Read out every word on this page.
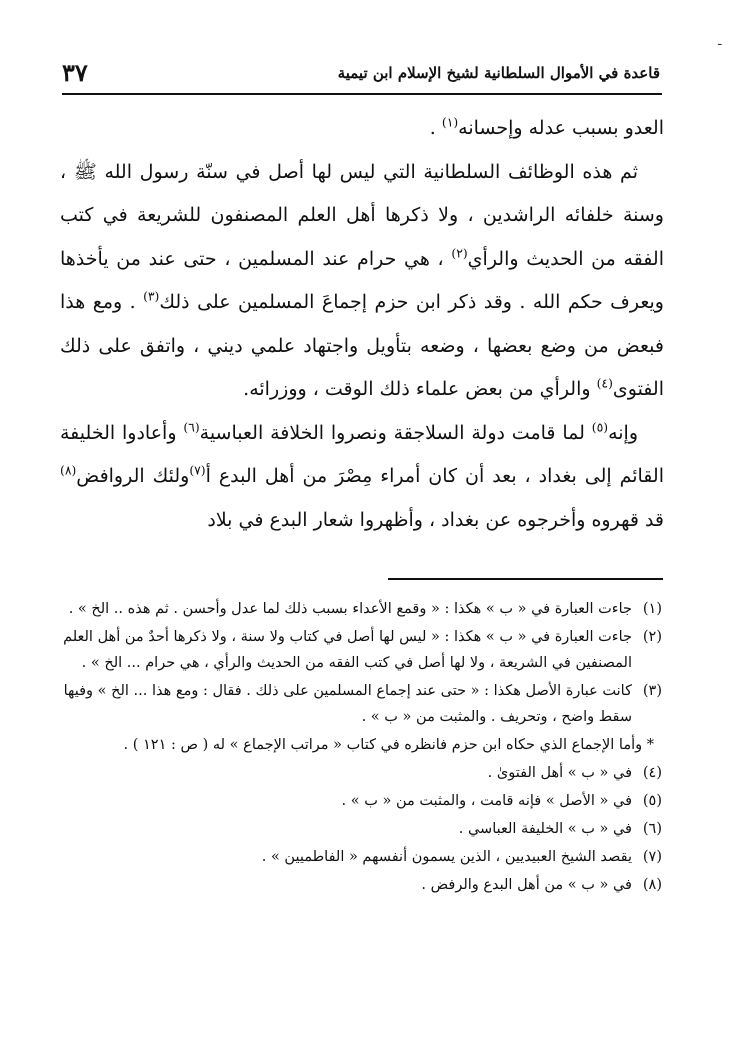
ـ
قاعدة في الأموال السلطانية لشيخ الإسلام ابن تيمية
٣٧

العدو بسبب عدله وإحسانه$^{(١)}$ .

ثم هذه الوظائف السلطانية التي ليس لها أصل في سنّة رسول الله ﷺ ، وسنة خلفائه الراشدين ، ولا ذكرها أهل العلم المصنفون للشريعة في كتب الفقه من الحديث والرأي$^{(٢)}$ ، هي حرام عند المسلمين ، حتى عند من يأخذها ويعرف حكم الله . وقد ذكر ابن حزم إجماعَ المسلمين على ذلك$^{(٣)}$ . ومع هذا فبعض من وضع بعضها ، وضعه بتأويل واجتهاد علمي ديني ، واتفق على ذلك الفتوى$^{(٤)}$ والرأي من بعض علماء ذلك الوقت ، ووزرائه.

وإنه$^{(٥)}$ لما قامت دولة السلاجقة ونصروا الخلافة العباسية$^{(٦)}$ وأعادوا الخليفة القائم إلى بغداد ، بعد أن كان أمراء مِصْرَ من أهل البدع أ$^{(٧)}$ولئك الروافض$^{(٨)}$ قد قهروه وأخرجوه عن بغداد ، وأظهروا شعار البدع في بلاد

(١)
جاءت العبارة في « ب » هكذا : « وقمع الأعداء بسبب ذلك لما عدل وأحسن . ثم هذه .. الخ » .
(٢)
جاءت العبارة في « ب » هكذا : « ليس لها أصل في كتاب ولا سنة ، ولا ذكرها أحدٌ من أهل العلم المصنفين في الشريعة ، ولا لها أصل في كتب الفقه من الحديث والرأي ، هي حرام ... الخ » .
(٣)
كانت عبارة الأصل هكذا : « حتى عند إجماع المسلمين على ذلك . فقال : ومع هذا ... الخ » وفيها سقط واضح ، وتحريف . والمثبت من « ب » .
* وأما الإجماع الذي حكاه ابن حزم فانظره في كتاب « مراتب الإجماع » له ( ص : ١٢١ ) .
(٤)
في « ب » أهل الفتوىٰ .
(٥)
في « الأصل » فإنه قامت ، والمثبت من « ب » .
(٦)
في « ب » الخليفة العباسي .
(٧)
يقصد الشيخ العبيديين ، الذين يسمون أنفسهم « الفاطميين » .
(٨)
في « ب » من أهل البدع والرفض .
